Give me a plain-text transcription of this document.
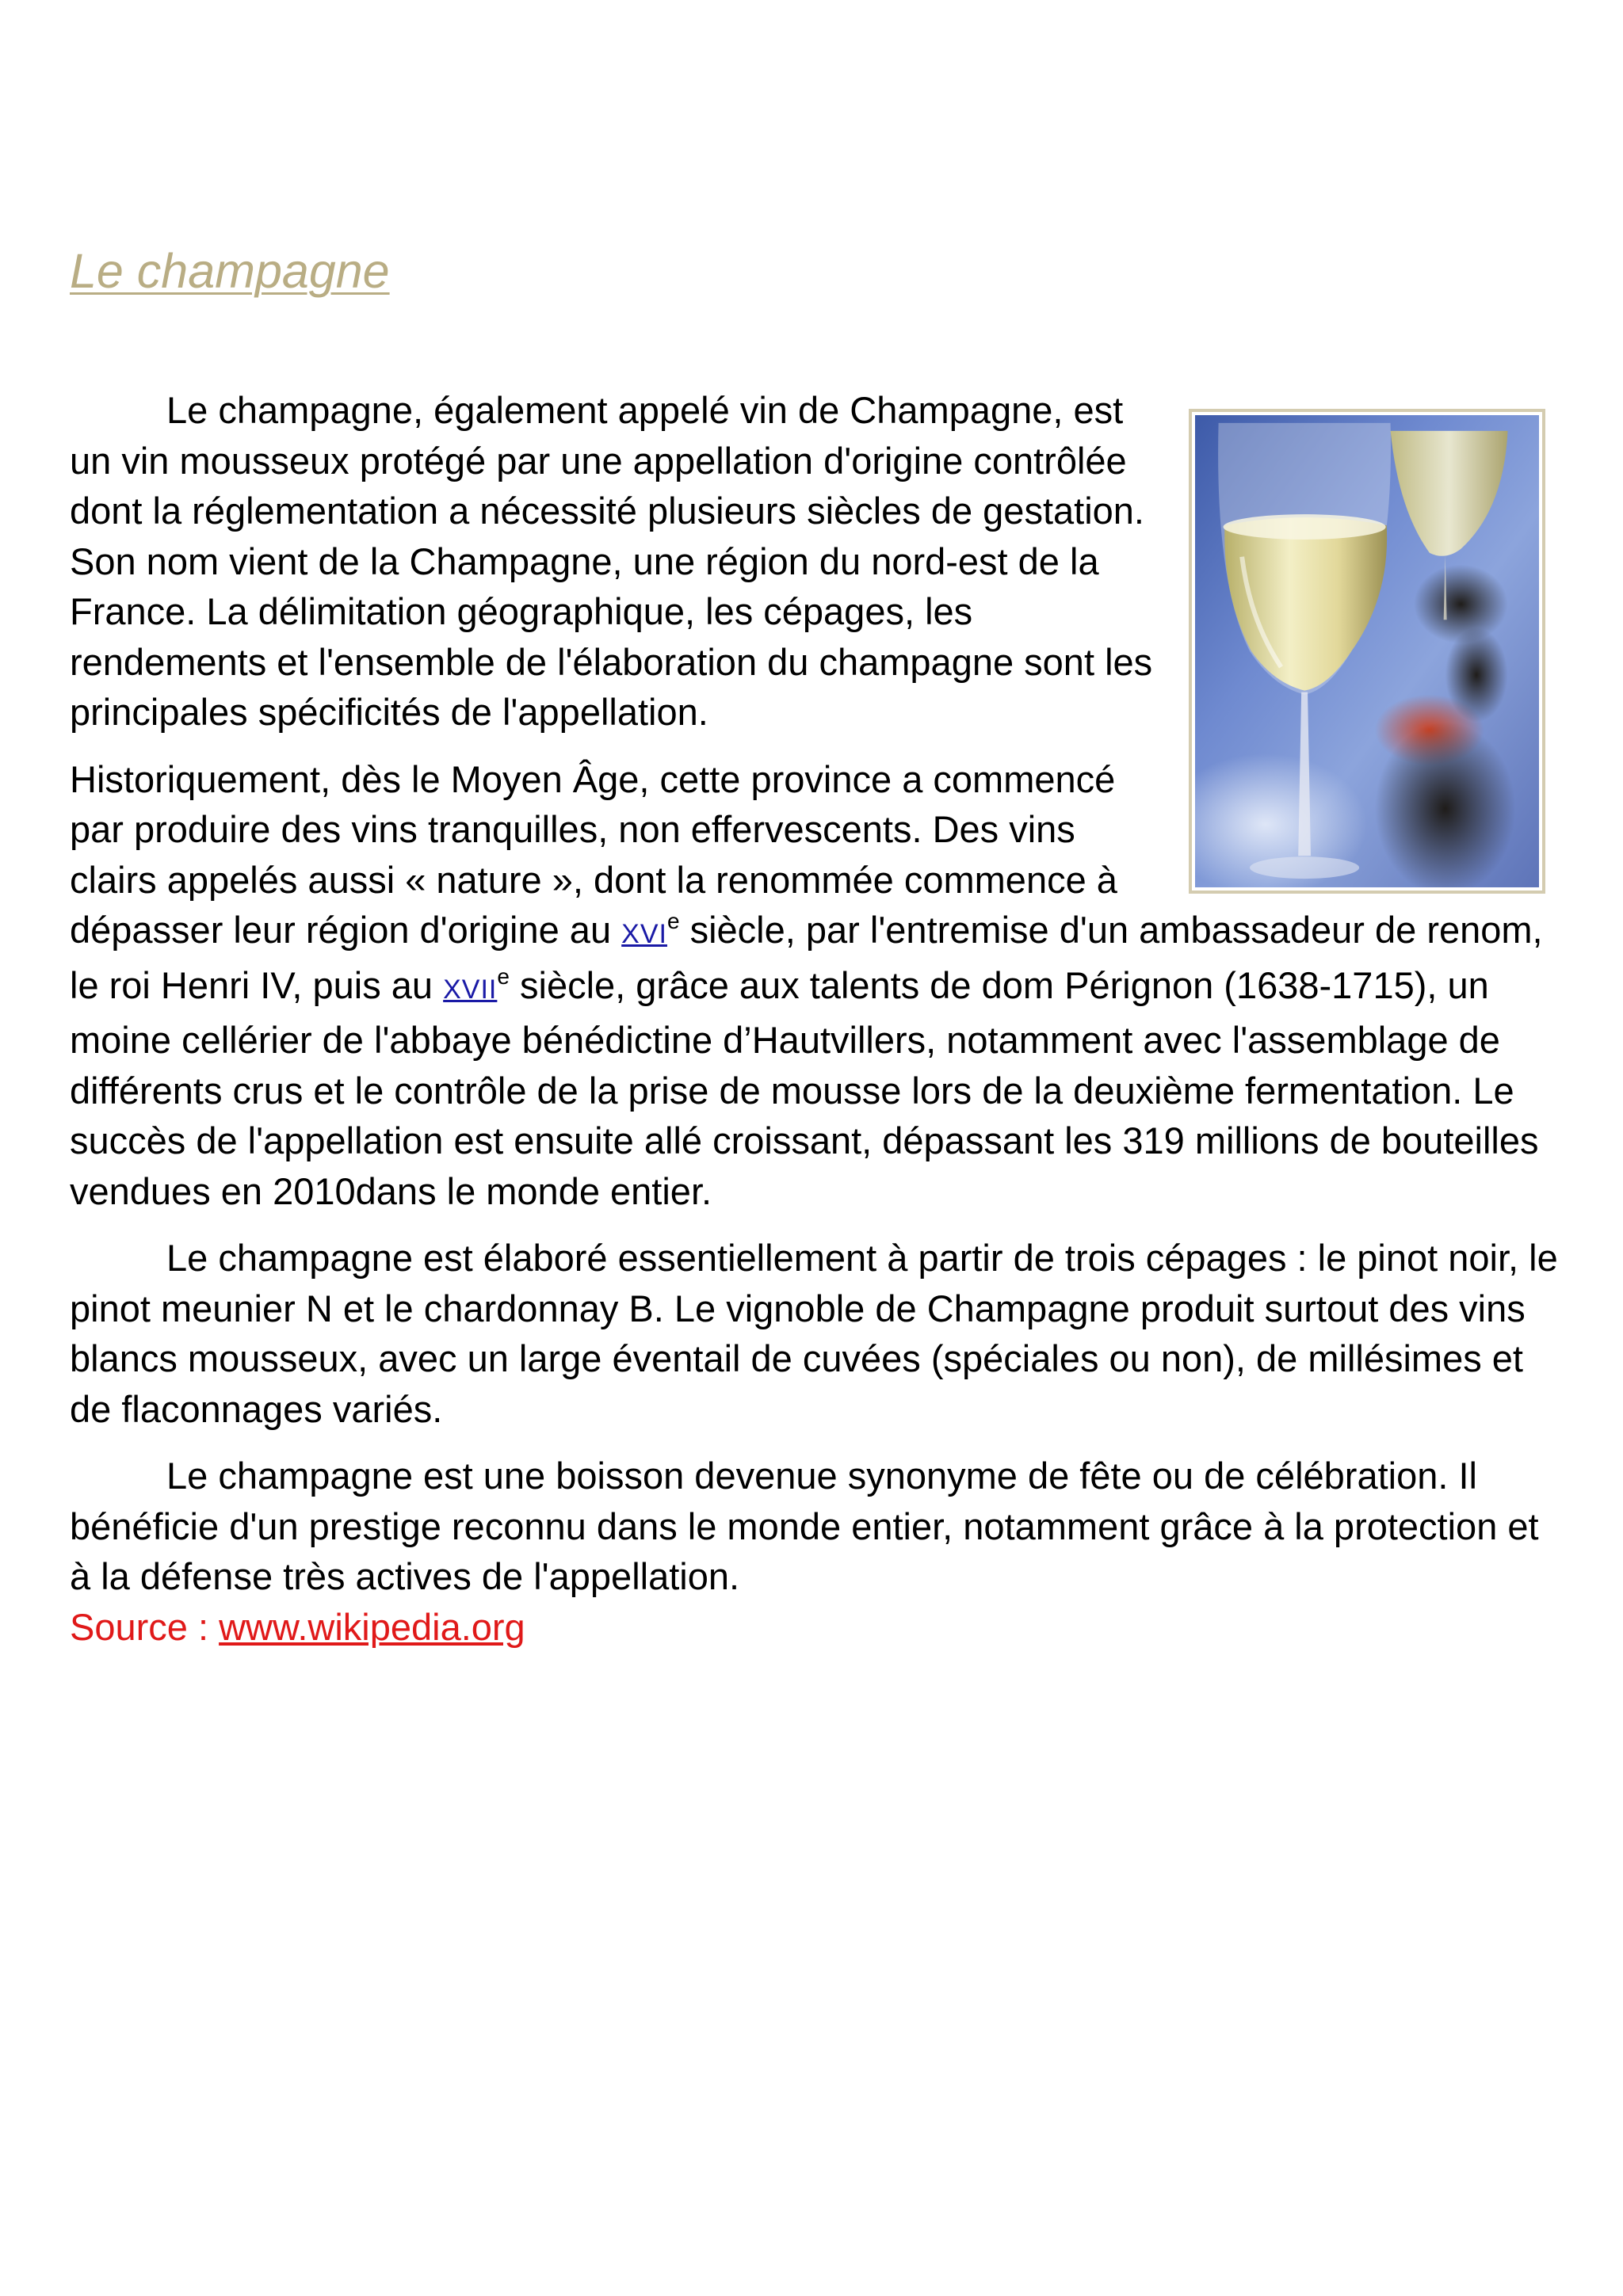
Le champagne

Le champagne, également appelé vin de Champagne, est un vin mousseux protégé par une appellation d'origine contrôlée dont la réglementation a nécessité plusieurs siècles de gestation. Son nom vient de la Champagne, une région du nord-est de la France. La délimitation géographique, les cépages, les rendements et l'ensemble de l'élaboration du champagne sont les principales spécificités de l'appellation.

Historiquement, dès le Moyen Âge, cette province a commencé par produire des vins tranquilles, non effervescents. Des vins clairs appelés aussi « nature », dont la renommée commence à dépasser leur région d'origine au XVIe siècle, par l'entremise d'un ambassadeur de renom, le roi Henri IV, puis au XVIIe siècle, grâce aux talents de dom Pérignon (1638-1715), un moine cellérier de l'abbaye bénédictine d’Hautvillers, notamment avec l'assemblage de différents crus et le contrôle de la prise de mousse lors de la deuxième fermentation. Le succès de l'appellation est ensuite allé croissant, dépassant les 319 millions de bouteilles vendues en 2010dans le monde entier.

Le champagne est élaboré essentiellement à partir de trois cépages : le pinot noir, le pinot meunier N et le chardonnay B. Le vignoble de Champagne produit surtout des vins blancs mousseux, avec un large éventail de cuvées (spéciales ou non), de millésimes et de flaconnages variés.

Le champagne est une boisson devenue synonyme de fête ou de célébration. Il bénéficie d'un prestige reconnu dans le monde entier, notamment grâce à la protection et à la défense très actives de l'appellation.
Source : www.wikipedia.org
